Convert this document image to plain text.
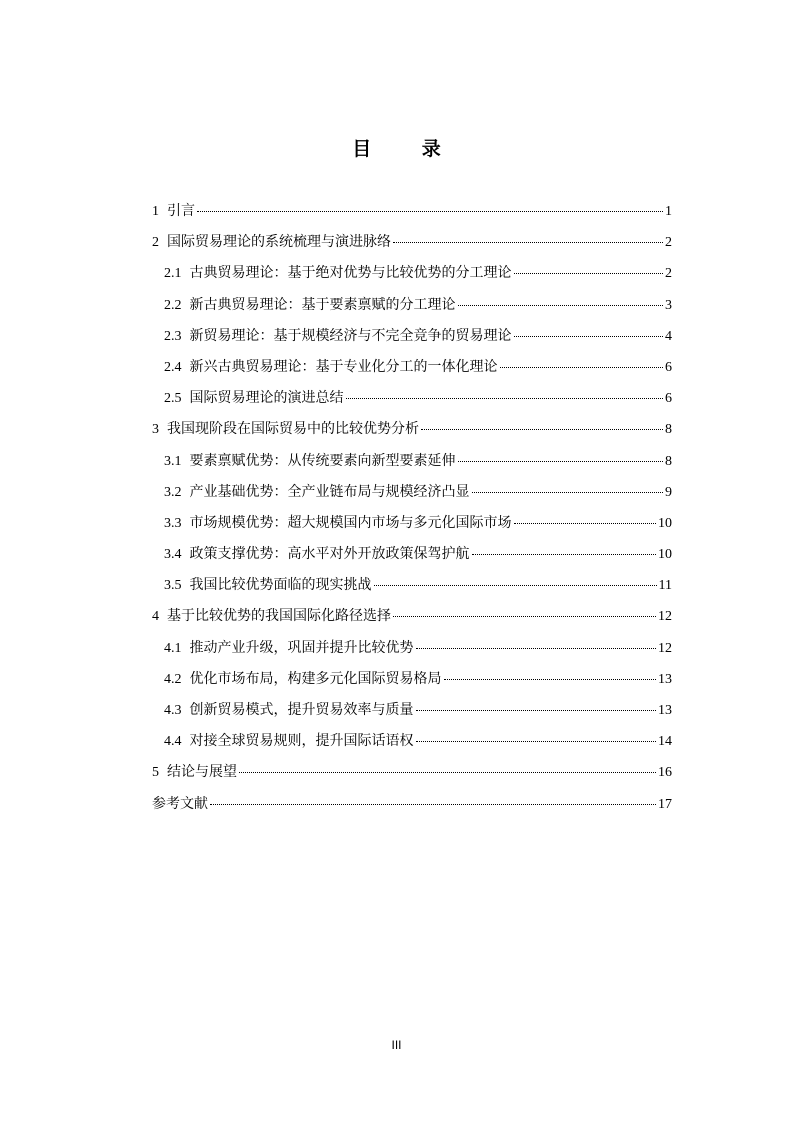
目 录
1 引言	1
2 国际贸易理论的系统梳理与演进脉络	2
2.1 古典贸易理论：基于绝对优势与比较优势的分工理论	2
2.2 新古典贸易理论：基于要素禀赋的分工理论	3
2.3 新贸易理论：基于规模经济与不完全竞争的贸易理论	4
2.4 新兴古典贸易理论：基于专业化分工的一体化理论	6
2.5 国际贸易理论的演进总结	6
3 我国现阶段在国际贸易中的比较优势分析	8
3.1 要素禀赋优势：从传统要素向新型要素延伸	8
3.2 产业基础优势：全产业链布局与规模经济凸显	9
3.3 市场规模优势：超大规模国内市场与多元化国际市场	10
3.4 政策支撑优势：高水平对外开放政策保驾护航	10
3.5 我国比较优势面临的现实挑战	11
4 基于比较优势的我国国际化路径选择	12
4.1 推动产业升级，巩固并提升比较优势	12
4.2 优化市场布局，构建多元化国际贸易格局	13
4.3 创新贸易模式，提升贸易效率与质量	13
4.4 对接全球贸易规则，提升国际话语权	14
5 结论与展望	16
参考文献	17
III
